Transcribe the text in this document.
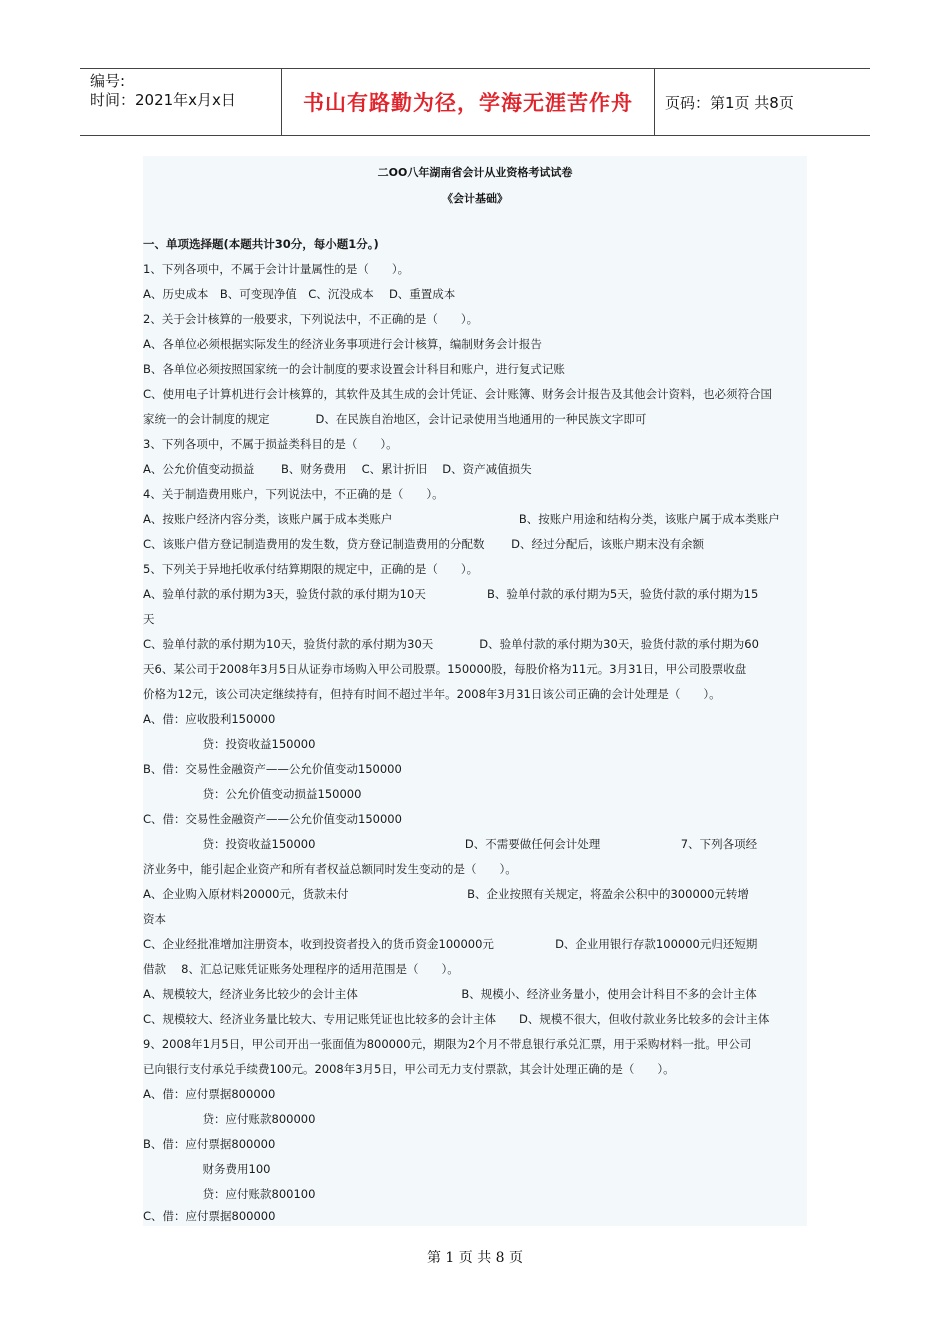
编号:
时间：2021年x月x日	书山有路勤为径，学海无涯苦作舟	页码：第1页 共8页
二OO八年湖南省会计从业资格考试试卷
《会计基础》
一、单项选择题(本题共计30分，每小题1分。)
1、下列各项中，不属于会计计量属性的是（　　）。
A、历史成本　B、可变现净值　C、沉没成本　 D、重置成本
2、关于会计核算的一般要求，下列说法中，不正确的是（　　）。
A、各单位必须根据实际发生的经济业务事项进行会计核算，编制财务会计报告
B、各单位必须按照国家统一的会计制度的要求设置会计科目和账户，进行复式记账
C、使用电子计算机进行会计核算的，其软件及其生成的会计凭证、会计账簿、财务会计报告及其他会计资料，也必须符合国
家统一的会计制度的规定　　　　D、在民族自治地区，会计记录使用当地通用的一种民族文字即可
3、下列各项中，不属于损益类科目的是（　　）。
A、公允价值变动损益　　 B、财务费用　 C、累计折旧　 D、资产减值损失
4、关于制造费用账户，下列说法中，不正确的是（　　）。
A、按账户经济内容分类，该账户属于成本类账户　　　　　　　　　　　B、按账户用途和结构分类，该账户属于成本类账户
C、该账户借方登记制造费用的发生数，贷方登记制造费用的分配数　　 D、经过分配后，该账户期末没有余额
5、下列关于异地托收承付结算期限的规定中，正确的是（　　）。
A、验单付款的承付期为3天，验货付款的承付期为10天　　　　　 B、验单付款的承付期为5天，验货付款的承付期为15
天
C、验单付款的承付期为10天，验货付款的承付期为30天　　　　D、验单付款的承付期为30天，验货付款的承付期为60
天6、某公司于2008年3月5日从证券市场购入甲公司股票。150000股，每股价格为11元。3月31日，甲公司股票收盘
价格为12元，该公司决定继续持有，但持有时间不超过半年。2008年3月31日该公司正确的会计处理是（　　）。
A、借：应收股利150000
　贷：投资收益150000
B、借：交易性金融资产——公允价值变动150000
　贷：公允价值变动损益150000
C、借：交易性金融资产——公允价值变动150000
　贷：投资收益150000　　　　　　　　　　　　　D、不需要做任何会计处理　　　　　　　7、下列各项经
济业务中，能引起企业资产和所有者权益总额同时发生变动的是（　　）。
A、企业购入原材料20000元，货款未付　　　　　　　　　　 B、企业按照有关规定，将盈余公积中的300000元转增
资本
C、企业经批准增加注册资本，收到投资者投入的货币资金100000元　　　　　 D、企业用银行存款100000元归还短期
借款　 8、汇总记账凭证账务处理程序的适用范围是（　　）。
A、规模较大，经济业务比较少的会计主体　　　　　　　　　B、规模小、经济业务量小，使用会计科目不多的会计主体
C、规模较大、经济业务量比较大、专用记账凭证也比较多的会计主体　　D、规模不很大，但收付款业务比较多的会计主体
9、2008年1月5日，甲公司开出一张面值为800000元，期限为2个月不带息银行承兑汇票，用于采购材料一批。甲公司
已向银行支付承兑手续费100元。2008年3月5日，甲公司无力支付票款，其会计处理正确的是（　　）。
A、借：应付票据800000
　贷：应付账款800000
B、借：应付票据800000
　财务费用100
　贷：应付账款800100
C、借：应付票据800000
第 1 页 共 8 页
